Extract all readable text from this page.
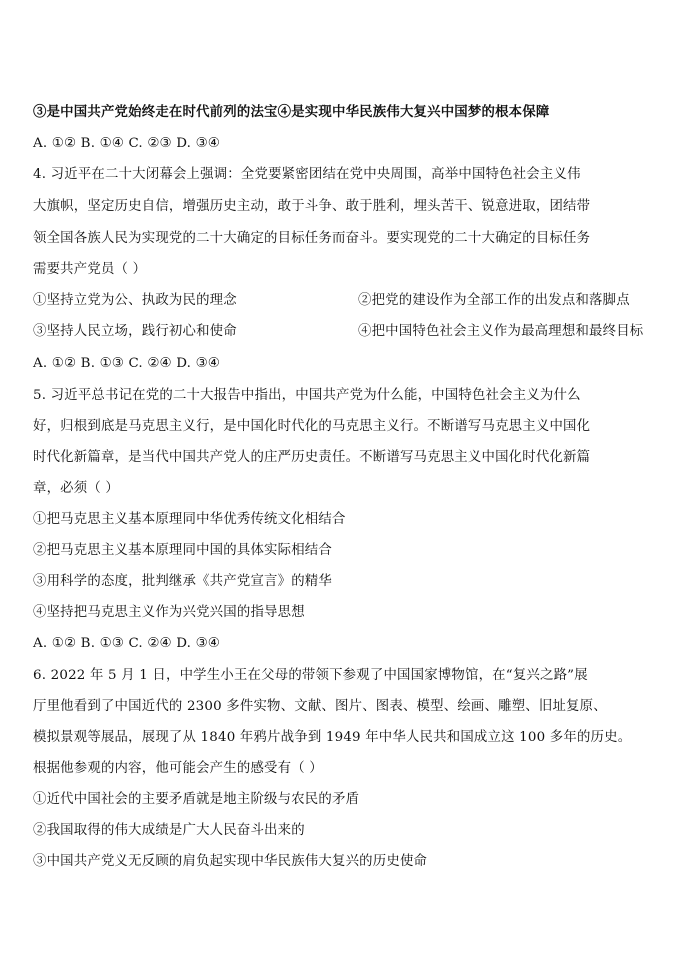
③是中国共产党始终走在时代前列的法宝④是实现中华民族伟大复兴中国梦的根本保障
A. ①② B. ①④ C. ②③ D. ③④
4. 习近平在二十大闭幕会上强调：全党要紧密团结在党中央周围，高举中国特色社会主义伟
大旗帜，坚定历史自信，增强历史主动，敢于斗争、敢于胜利，埋头苦干、锐意进取，团结带
领全国各族人民为实现党的二十大确定的目标任务而奋斗。要实现党的二十大确定的目标任务
需要共产党员（ ）
①坚持立党为公、执政为民的理念	②把党的建设作为全部工作的出发点和落脚点
③坚持人民立场，践行初心和使命	④把中国特色社会主义作为最高理想和最终目标
A. ①② B. ①③ C. ②④ D. ③④
5. 习近平总书记在党的二十大报告中指出，中国共产党为什么能，中国特色社会主义为什么
好，归根到底是马克思主义行，是中国化时代化的马克思主义行。不断谱写马克思主义中国化
时代化新篇章，是当代中国共产党人的庄严历史责任。不断谱写马克思主义中国化时代化新篇
章，必须（ ）
①把马克思主义基本原理同中华优秀传统文化相结合
②把马克思主义基本原理同中国的具体实际相结合
③用科学的态度，批判继承《共产党宣言》的精华
④坚持把马克思主义作为兴党兴国的指导思想
A. ①② B. ①③ C. ②④ D. ③④
6. 2022 年 5 月 1 日，中学生小王在父母的带领下参观了中国国家博物馆，在“复兴之路”展
厅里他看到了中国近代的 2300 多件实物、文献、图片、图表、模型、绘画、雕塑、旧址复原、
模拟景观等展品，展现了从 1840 年鸦片战争到 1949 年中华人民共和国成立这 100 多年的历史。
根据他参观的内容，他可能会产生的感受有（ ）
①近代中国社会的主要矛盾就是地主阶级与农民的矛盾
②我国取得的伟大成绩是广大人民奋斗出来的
③中国共产党义无反顾的肩负起实现中华民族伟大复兴的历史使命
